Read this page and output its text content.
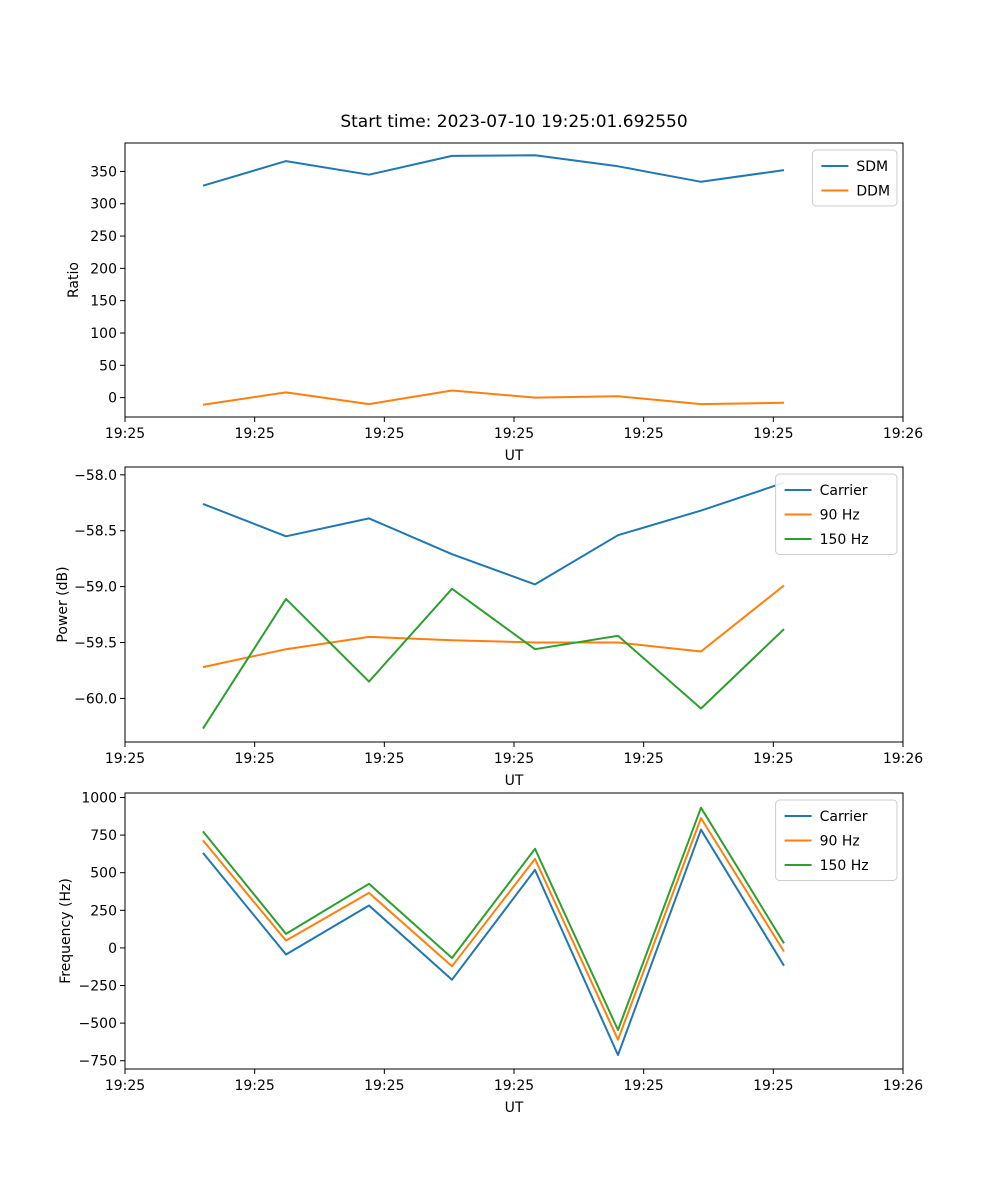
Start time: 2023-07-10 19:25:01.692550
0
50
100
150
200
250
300
350
19:25	19:25	19:25	19:25	19:25	19:25	19:26
UT
Ratio
SDM
DDM
−58.0
−58.5
−59.0
−59.5
−60.0
19:25	19:25	19:25	19:25	19:25	19:25	19:26
UT
Power (dB)
Carrier
90 Hz
150 Hz
1000
750
500
250
0
−250
−500
−750
19:25	19:25	19:25	19:25	19:25	19:25	19:26
UT
Frequency (Hz)
Carrier
90 Hz
150 Hz
